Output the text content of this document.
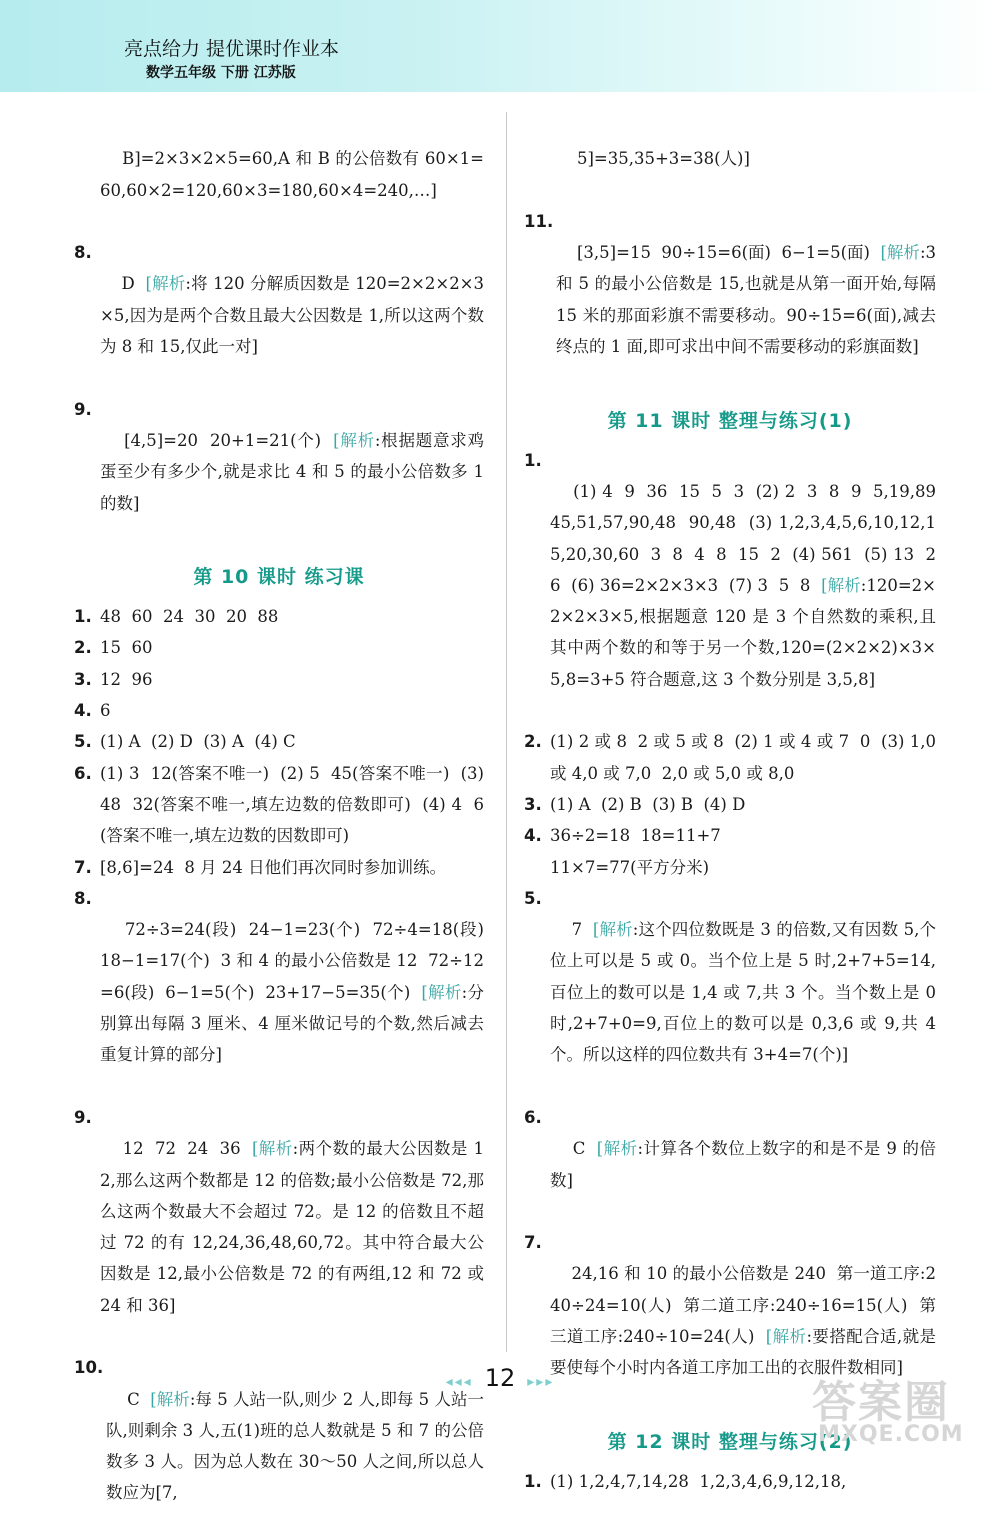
亮点给力 提优课时作业本
数学五年级 下册 江苏版

B]=2×3×2×5=60,A 和 B 的公倍数有 60×1=60,60×2=120,60×3=180,60×4=240,…]

8.
D  [解析:将 120 分解质因数是 120=2×2×2×3×5,因为是两个合数且最大公因数是 1,所以这两个数为 8 和 15,仅此一对]

9.
[4,5]=20  20+1=21(个)  [解析:根据题意求鸡蛋至少有多少个,就是求比 4 和 5 的最小公倍数多 1 的数]

第 10 课时 练习课
1. 48  60  24  30  20  88
2. 15  60
3. 12  96
4. 6
5. (1) A  (2) D  (3) A  (4) C
6. (1) 3  12(答案不唯一)  (2) 5  45(答案不唯一)  (3) 48  32(答案不唯一,填左边数的倍数即可)  (4) 4  6(答案不唯一,填左边数的因数即可)
7. [8,6]=24  8 月 24 日他们再次同时参加训练。

8.
72÷3=24(段)  24−1=23(个)  72÷4=18(段)  18−1=17(个)  3 和 4 的最小公倍数是 12  72÷12=6(段)  6−1=5(个)  23+17−5=35(个)  [解析:分别算出每隔 3 厘米、4 厘米做记号的个数,然后减去重复计算的部分]

9.
12  72  24  36  [解析:两个数的最大公因数是 12,那么这两个数都是 12 的倍数;最小公倍数是 72,那么这两个数最大不会超过 72。是 12 的倍数且不超过 72 的有 12,24,36,48,60,72。其中符合最大公因数是 12,最小公倍数是 72 的有两组,12 和 72 或 24 和 36]

10.
C  [解析:每 5 人站一队,则少 2 人,即每 5 人站一队,则剩余 3 人,五(1)班的总人数就是 5 和 7 的公倍数多 3 人。因为总人数在 30～50 人之间,所以总人数应为[7,

5]=35,35+3=38(人)]

11.
[3,5]=15  90÷15=6(面)  6−1=5(面)  [解析:3 和 5 的最小公倍数是 15,也就是从第一面开始,每隔 15 米的那面彩旗不需要移动。90÷15=6(面),减去终点的 1 面,即可求出中间不需要移动的彩旗面数]

第 11 课时 整理与练习(1)

1.
(1) 4  9  36  15  5  3  (2) 2  3  8  9  5,19,89  45,51,57,90,48  90,48  (3) 1,2,3,4,5,6,10,12,15,20,30,60  3  8  4  8  15  2  (4) 561  (5) 13  26  (6) 36=2×2×3×3  (7) 3  5  8  [解析:120=2×2×2×3×5,根据题意 120 是 3 个自然数的乘积,且其中两个数的和等于另一个数,120=(2×2×2)×3×5,8=3+5 符合题意,这 3 个数分别是 3,5,8]

2. (1) 2 或 8  2 或 5 或 8  (2) 1 或 4 或 7  0  (3) 1,0 或 4,0 或 7,0  2,0 或 5,0 或 8,0
3. (1) A  (2) B  (3) B  (4) D
4. 36÷2=18  18=11+7
11×7=77(平方分米)

5.
7  [解析:这个四位数既是 3 的倍数,又有因数 5,个位上可以是 5 或 0。当个位上是 5 时,2+7+5=14,百位上的数可以是 1,4 或 7,共 3 个。当个数上是 0 时,2+7+0=9,百位上的数可以是 0,3,6 或 9,共 4 个。所以这样的四位数共有 3+4=7(个)]

6.
C  [解析:计算各个数位上数字的和是不是 9 的倍数]

7.
24,16 和 10 的最小公倍数是 240  第一道工序:240÷24=10(人)  第二道工序:240÷16=15(人)  第三道工序:240÷10=24(人)  [解析:要搭配合适,就是要使每个小时内各道工序加工出的衣服件数相同]

第 12 课时 整理与练习(2)
1. (1) 1,2,4,7,14,28  1,2,3,4,6,9,12,18,
◂◂◂ 12 ▸▸▸	答案圈
MXQE.COM
